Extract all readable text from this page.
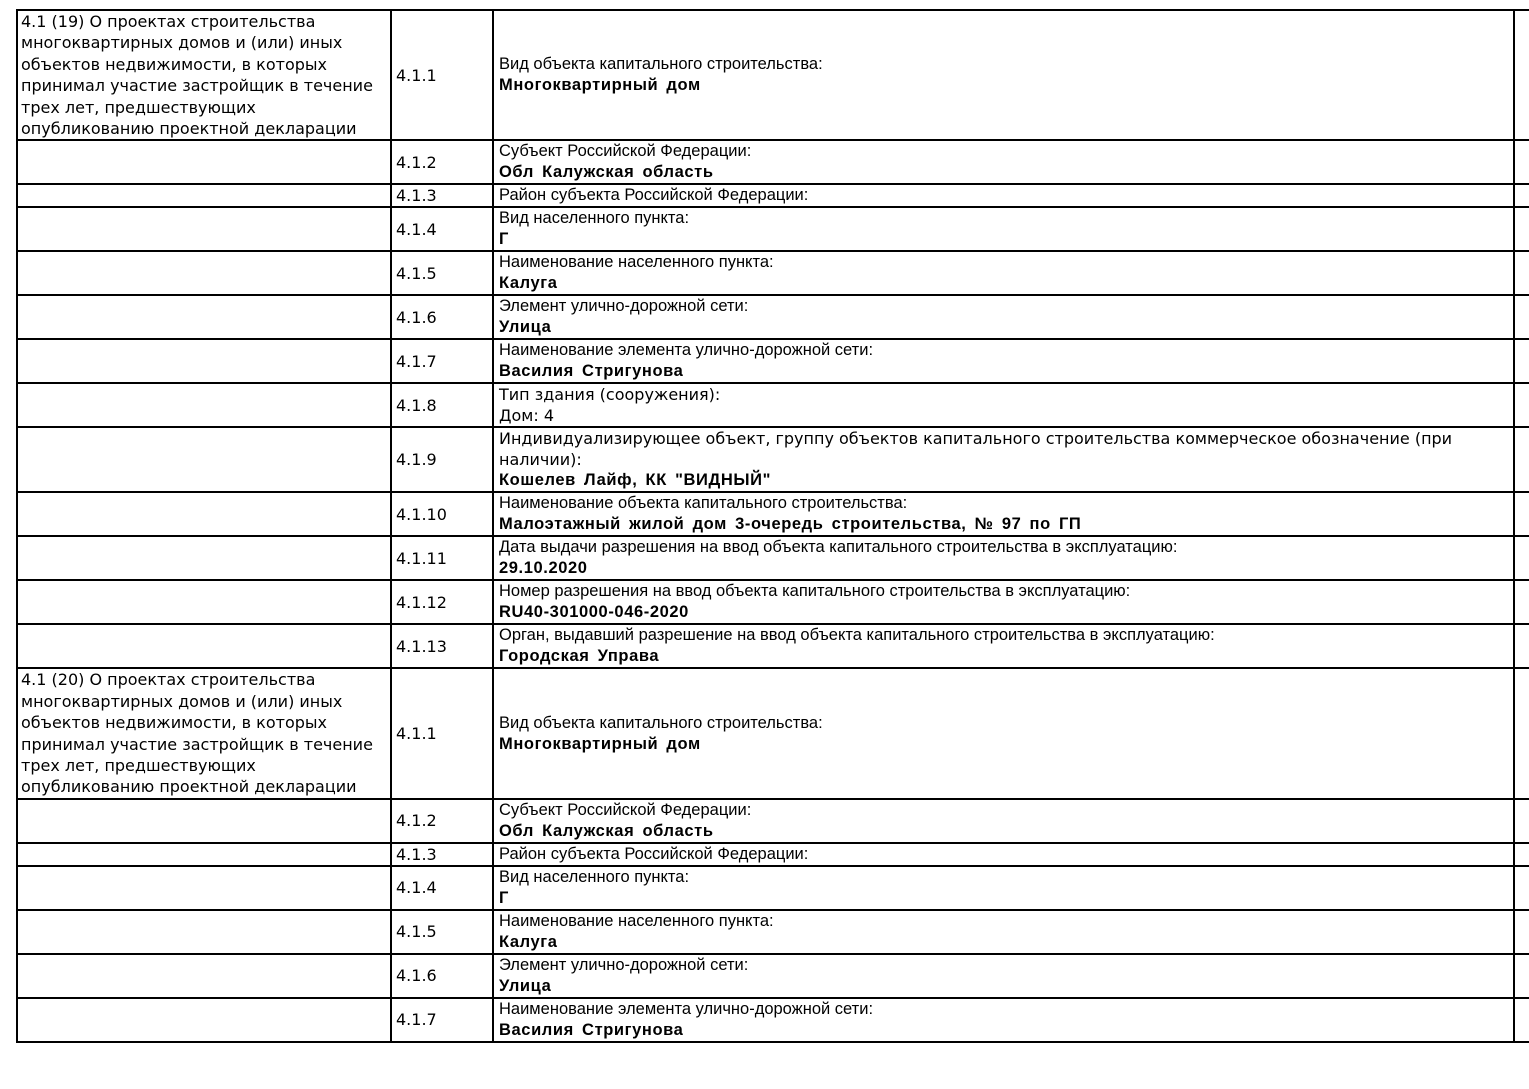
4.1 (19) О проектах строительства многоквартирных домов и (или) иных объектов недвижимости, в которых принимал участие застройщик в течение трех лет, предшествующих опубликованию проектной декларации	4.1.1	Вид объекта капитального строительства:
Многоквартирный дом	

	4.1.2	Субъект Российской Федерации:
Обл Калужская область	

	4.1.3	Район субъекта Российской Федерации:	

	4.1.4	Вид населенного пункта:
Г	

	4.1.5	Наименование населенного пункта:
Калуга	

	4.1.6	Элемент улично-дорожной сети:
Улица	

	4.1.7	Наименование элемента улично-дорожной сети:
Василия Стригунова	

	4.1.8	Тип здания (сооружения):
Дом: 4	

	4.1.9	Индивидуализирующее объект, группу объектов капитального строительства коммерческое обозначение (при наличии):
Кошелев Лайф, КК "ВИДНЫЙ"	

	4.1.10	Наименование объекта капитального строительства:
Малоэтажный жилой дом 3-очередь строительства, № 97 по ГП	

	4.1.11	Дата выдачи разрешения на ввод объекта капитального строительства в эксплуатацию:
29.10.2020	

	4.1.12	Номер разрешения на ввод объекта капитального строительства в эксплуатацию:
RU40-301000-046-2020	

	4.1.13	Орган, выдавший разрешение на ввод объекта капитального строительства в эксплуатацию:
Городская Управа	

4.1 (20) О проектах строительства многоквартирных домов и (или) иных объектов недвижимости, в которых принимал участие застройщик в течение трех лет, предшествующих опубликованию проектной декларации	4.1.1	Вид объекта капитального строительства:
Многоквартирный дом	

	4.1.2	Субъект Российской Федерации:
Обл Калужская область	

	4.1.3	Район субъекта Российской Федерации:	

	4.1.4	Вид населенного пункта:
Г	

	4.1.5	Наименование населенного пункта:
Калуга	

	4.1.6	Элемент улично-дорожной сети:
Улица	

	4.1.7	Наименование элемента улично-дорожной сети:
Василия Стригунова	
